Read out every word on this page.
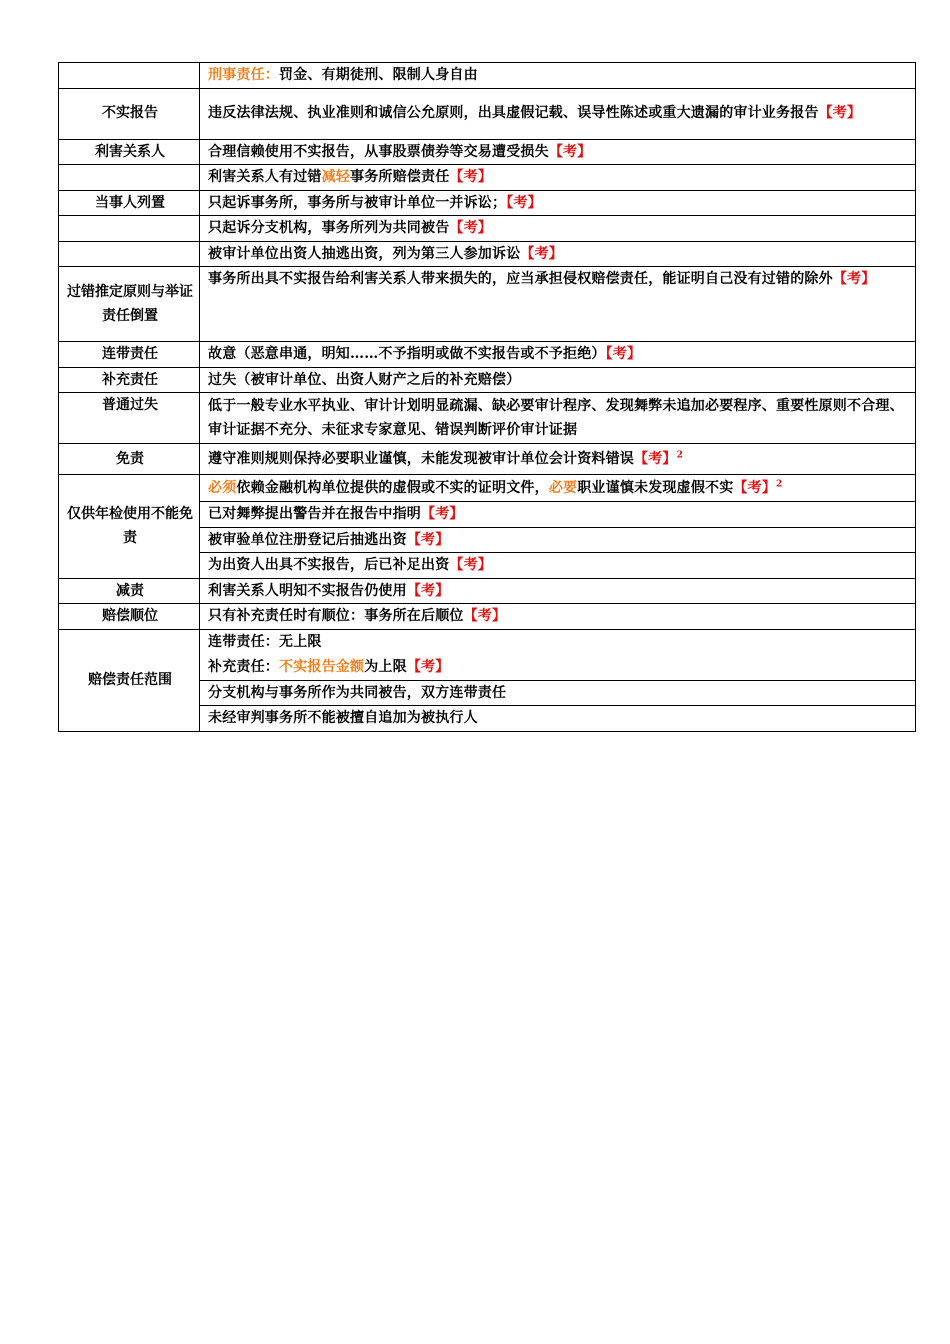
	刑事责任：罚金、有期徒刑、限制人身自由
不实报告	违反法律法规、执业准则和诚信公允原则，出具虚假记载、误导性陈述或重大遗漏的审计业务报告【考】
利害关系人	合理信赖使用不实报告，从事股票债券等交易遭受损失【考】
	利害关系人有过错减轻事务所赔偿责任【考】
当事人列置	只起诉事务所，事务所与被审计单位一并诉讼；【考】
	只起诉分支机构，事务所列为共同被告【考】
	被审计单位出资人抽逃出资，列为第三人参加诉讼【考】
过错推定原则与举证责任倒置	事务所出具不实报告给利害关系人带来损失的，应当承担侵权赔偿责任，能证明自己没有过错的除外【考】
连带责任	故意（恶意串通，明知……不予指明或做不实报告或不予拒绝）【考】
补充责任	过失（被审计单位、出资人财产之后的补充赔偿）
普通过失	低于一般专业水平执业、审计计划明显疏漏、缺必要审计程序、发现舞弊未追加必要程序、重要性原则不合理、审计证据不充分、未征求专家意见、错误判断评价审计证据
免责	遵守准则规则保持必要职业谨慎，未能发现被审计单位会计资料错误【考】$^2$
仅供年检使用不能免责	必须依赖金融机构单位提供的虚假或不实的证明文件，必要职业谨慎未发现虚假不实【考】$^2$
	已对舞弊提出警告并在报告中指明【考】
	被审验单位注册登记后抽逃出资【考】
	为出资人出具不实报告，后已补足出资【考】
减责	利害关系人明知不实报告仍使用【考】
赔偿顺位	只有补充责任时有顺位：事务所在后顺位【考】
赔偿责任范围	连带责任：无上限
补充责任：不实报告金额为上限【考】

	分支机构与事务所作为共同被告，双方连带责任
	未经审判事务所不能被擅自追加为被执行人
